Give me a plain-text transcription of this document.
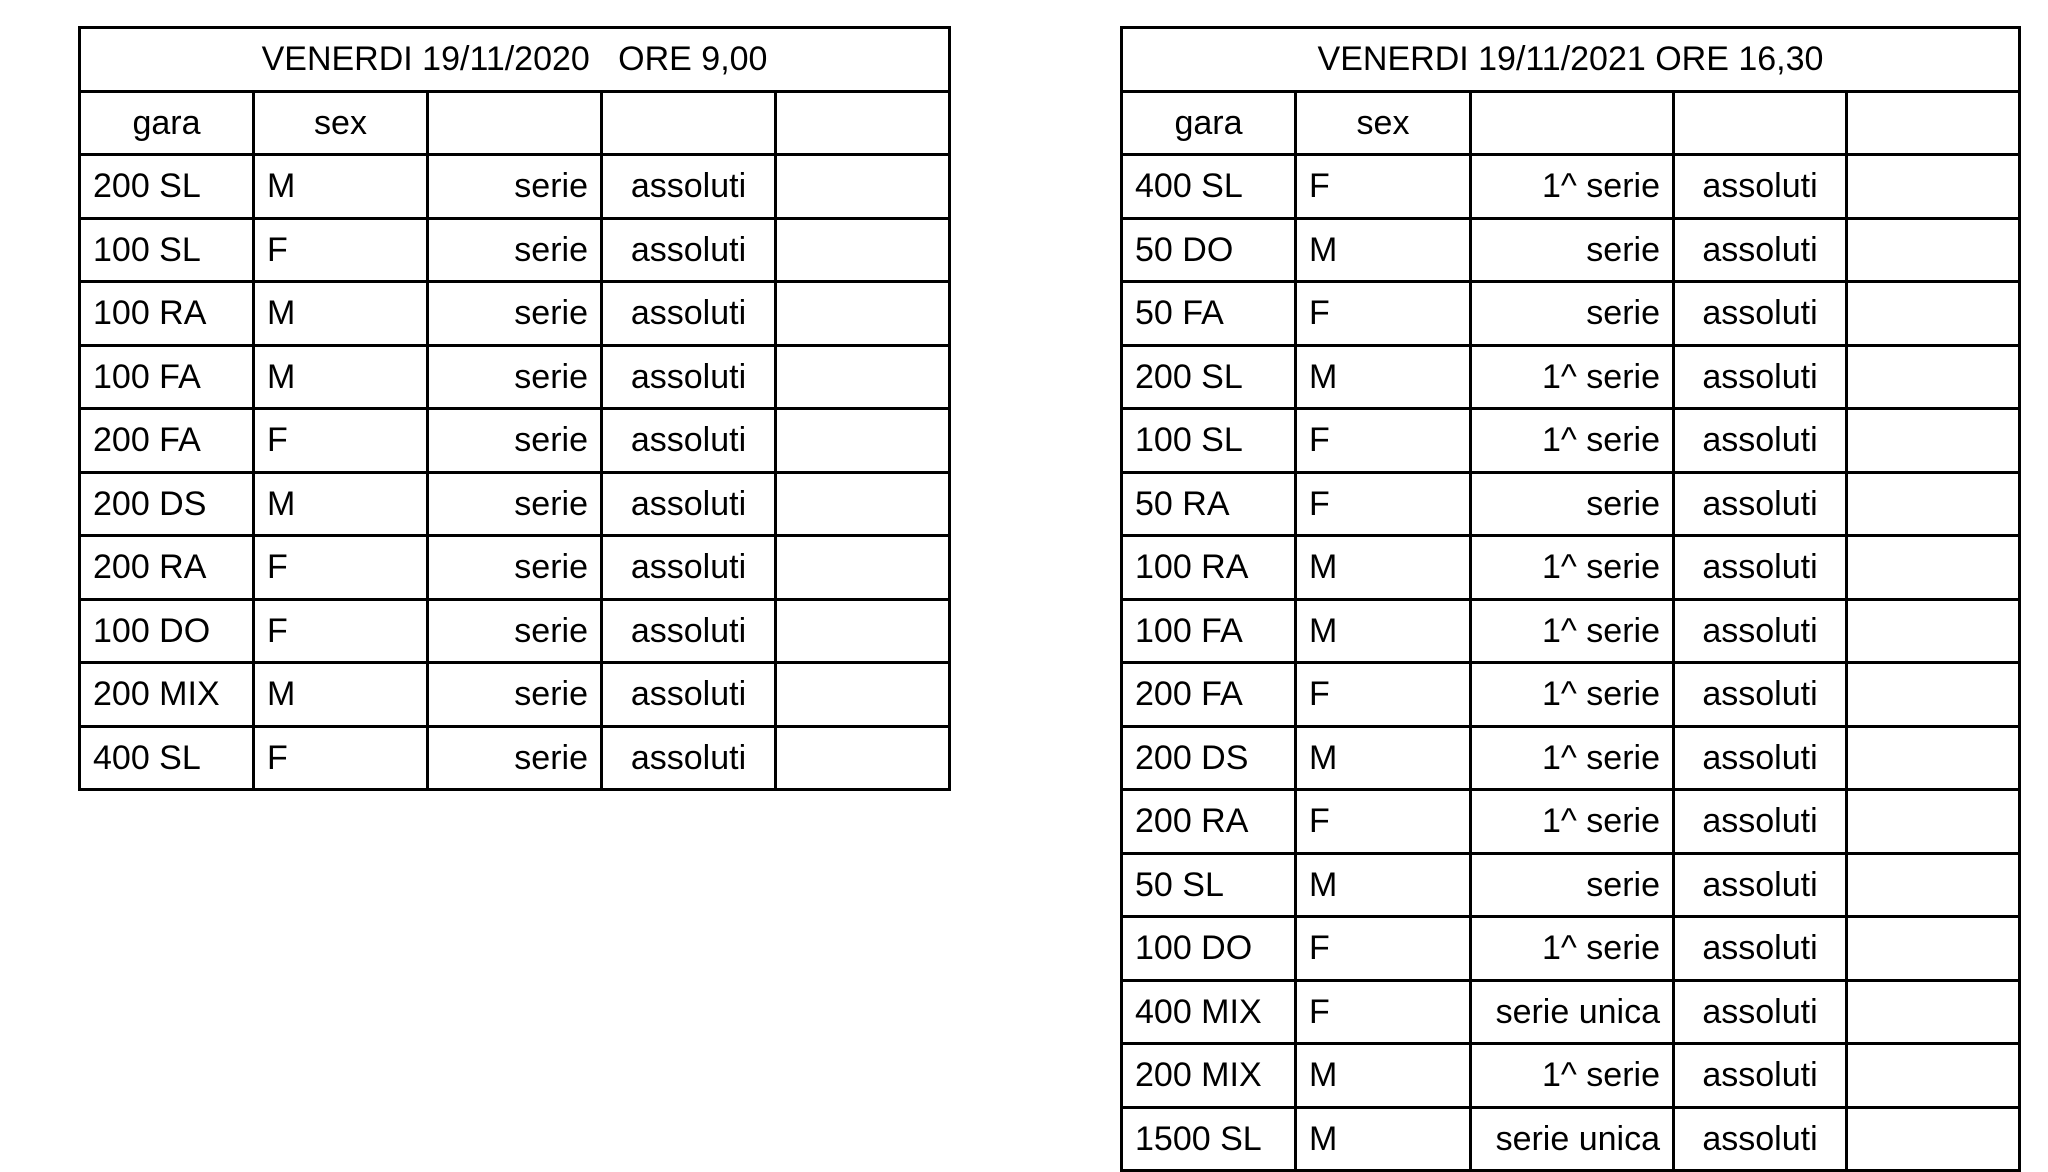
VENERDI 19/11/2020   ORE 9,00				
gara	sex			
200 SL	M	serie	assoluti	
100 SL	F	serie	assoluti	
100 RA	M	serie	assoluti	
100 FA	M	serie	assoluti	
200 FA	F	serie	assoluti	
200 DS	M	serie	assoluti	
200 RA	F	serie	assoluti	
100 DO	F	serie	assoluti	
200 MIX	M	serie	assoluti	
400 SL	F	serie	assoluti	
VENERDI 19/11/2021 ORE 16,30				
gara	sex			
400 SL	F	1^ serie	assoluti	
50 DO	M	serie	assoluti	
50 FA	F	serie	assoluti	
200 SL	M	1^ serie	assoluti	
100 SL	F	1^ serie	assoluti	
50 RA	F	serie	assoluti	
100 RA	M	1^ serie	assoluti	
100 FA	M	1^ serie	assoluti	
200 FA	F	1^ serie	assoluti	
200 DS	M	1^ serie	assoluti	
200 RA	F	1^ serie	assoluti	
50 SL	M	serie	assoluti	
100 DO	F	1^ serie	assoluti	
400 MIX	F	serie unica	assoluti	
200 MIX	M	1^ serie	assoluti	
1500 SL	M	serie unica	assoluti	
